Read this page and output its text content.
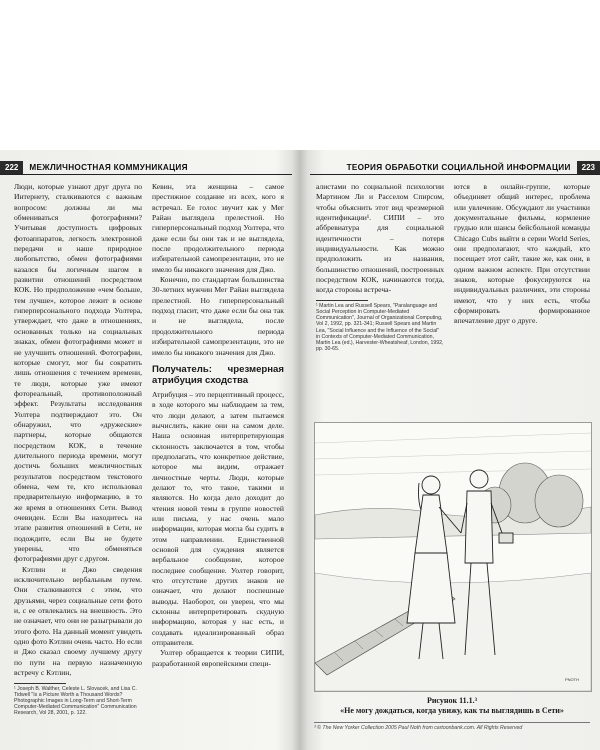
222	МЕЖЛИЧНОСТНАЯ КОММУНИКАЦИЯ	ТЕОРИЯ ОБРАБОТКИ СОЦИАЛЬНОЙ ИНФОРМАЦИИ	223

Люди, которые узнают друг друга по Интернету, сталкиваются с важным вопросом: должны ли мы обмениваться фотографиями? Учитывая доступность цифровых фотоаппаратов, легкость электронной передачи и наше природное любопытство, обмен фотографиями казался бы логичным шагом в развитии отношений посредством КОК. Но предположение «чем больше, тем лучше», которое лежит в основе гиперперсонального подхода Уолтера, утверждает, что даже в отношениях, основанных только на социальных знаках, обмен фотографиями может и не улучшить отношений. Фотографии, которые смогут, мог бы сократить лишь отношения с течением времени, те люди, которые уже имеют фотореальный, противоположный эффект. Результаты исследования Уолтера подтверждают это. Он обнаружил, что «дружеские» партнеры, которые общаются посредством КОК, в течение длительного периода времени, могут достичь больших межличностных результатов посредством текстового обмена, чем те, кто использовал предварительную информацию, в то же время в отношениях Сети. Вывод очевиден. Если Вы находитесь на этапе развития отношений в Сети, не подождите, если Вы не будете уверены, что обменяться фотографиями друг с другом.

Кэтлин и Джо сведения исключительно вербальным путем. Они сталкиваются с этим, что друзьями, через социальные сети фото и, с ее отвлекались на внешность. Это не означает, что они не разыгрывали до этого фото. На данный момент увидеть одно фото Кэтлин очень часто. Но если и Джо сказал своему лучшему другу по пути на первую назначенную встречу с Кэтлин,

¹ Joseph B. Walther, Celeste L. Slovacek, and Lisa C. Tidwell "Is a Picture Worth a Thousand Words? Photographic Images in Long-Term and Short-Term Computer-Mediated Communication" Communication Research, Vol 28, 2001, p. 122.

Кевин, эта женщина – самое престижное создание из всех, кого я встречал. Ее голос звучит как у Мег Райан выглядела прелестной. Но гиперперсональный подход Уолтера, что даже если бы они так и не выглядела, после продолжительного периода избирательной самопрезентации, это не имело бы никакого значения для Джо.

Конечно, по стандартам большинства 30-летних мужчин Мег Райан выглядела прелестной. Но гиперперсональный подход гласит, что даже если бы она так и не выглядела, после продолжительного периода избирательной самопрезентации, это не имело бы никакого значения для Джо.

Получатель: чрезмерная атрибуция сходства

Атрибуция – это перцептивный процесс, в ходе которого мы наблюдаем за тем, что люди делают, а затем пытаемся вычислить, какие они на самом деле. Наша основная интерпретирующая склонность заключается в том, чтобы предполагать, что конкретное действие, которое мы видим, отражает личностные черты. Люди, которые делают то, что такое, такими и являются. Но когда дело доходит до чтения новой темы в группе новостей или письма, у нас очень мало информации, которая могла бы судить в этом направлении. Единственной основой для суждения является вербальное сообщение, которое последнее сообщение. Уолтер говорит, что отсутствие других знаков не означает, что делают поспешные выводы. Наоборот, он уверен, что мы склонны интерпретировать скудную информацию, которая у нас есть, и создавать идеализированный образ отправителя.

Уолтер обращается к теории СИПИ, разработанной европейскими специ-

алистами по социальной психологии Мартином Ли и Расселом Спирсом, чтобы объяснить этот вид чрезмерной идентификации¹. СИПИ – это аббревиатура для социальной идентичности – потеря индивидуальности. Как можно предположить из названия, большинство отношений, построенных посредством КОК, начинаются тогда, когда стороны встреча-

¹ Martin Lea and Russell Spears, "Paralanguage and Social Perception in Computer-Mediated Communication", Journal of Organizational Computing, Vol 2, 1992, pp. 321-341; Russell Spears and Martin Lea, "Social Influence and the Influence of the Social" in Contexts of Computer-Mediated Communication, Martin Lea (ed.), Harvester-Wheatsheaf, London, 1992, pp. 30-65.

ются в онлайн-группе, которые объединяет общий интерес, проблема или увлечение. Обсуждают ли участники документальные фильмы, кормление грудью или шансы бейсбольной команды Chicago Cubs выйти в серии World Series, они предполагают, что каждый, кто посещает этот сайт, такие же, как они, в одном важном аспекте. При отсутствии знаков, которые фокусируются на индивидуальных различиях, эти стороны имеют, что у них есть, чтобы сформировать формированное впечатление друг о друге.

PNOTH
Рисунок 11.1.³
«Не могу дождаться, когда увижу, как ты выглядишь в Сети»
³ © The New Yorker Collection 2005 Paul Noth from cartoonbank.com. All Rights Reserved
